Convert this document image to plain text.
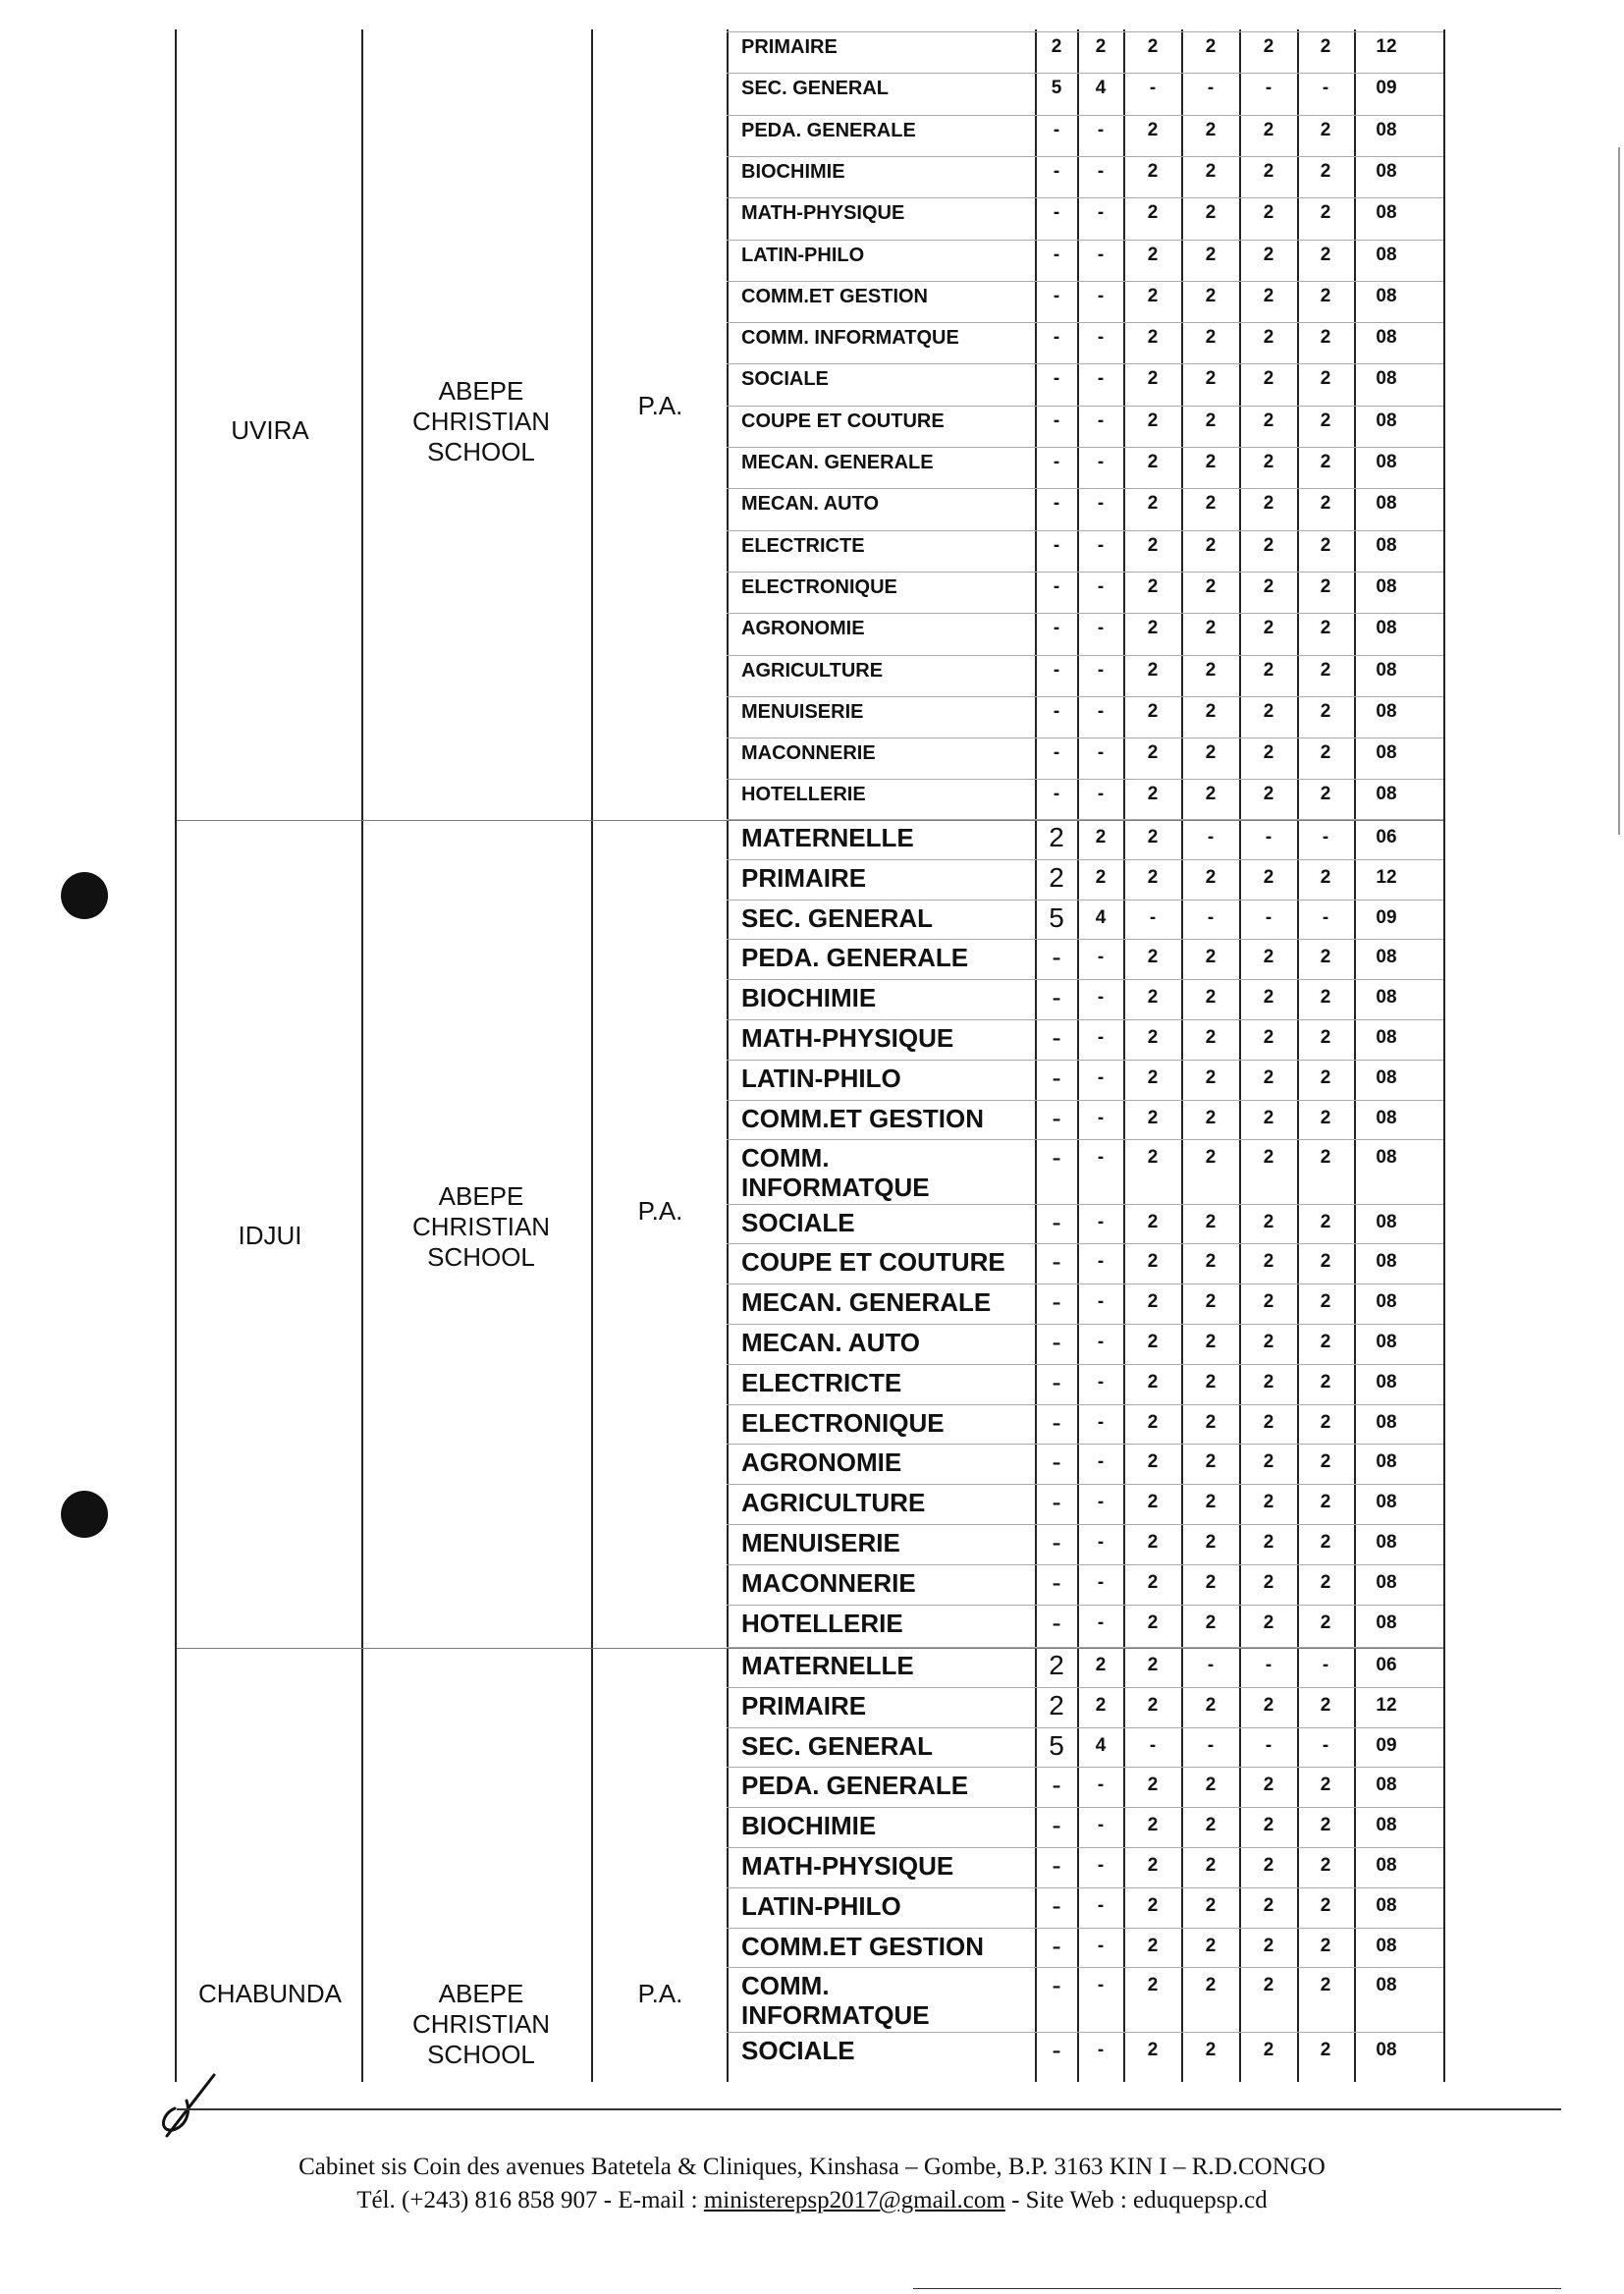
UVIRA
ABEPE
CHRISTIAN
SCHOOL
P.A.
PRIMAIRE	2	2	2	2	2	2	12
SEC. GENERAL	5	4	-	-	-	-	09
PEDA. GENERALE	-	-	2	2	2	2	08
BIOCHIMIE	-	-	2	2	2	2	08
MATH-PHYSIQUE	-	-	2	2	2	2	08
LATIN-PHILO	-	-	2	2	2	2	08
COMM.ET GESTION	-	-	2	2	2	2	08
COMM. INFORMATQUE	-	-	2	2	2	2	08
SOCIALE	-	-	2	2	2	2	08
COUPE ET COUTURE	-	-	2	2	2	2	08
MECAN. GENERALE	-	-	2	2	2	2	08
MECAN. AUTO	-	-	2	2	2	2	08
ELECTRICTE	-	-	2	2	2	2	08
ELECTRONIQUE	-	-	2	2	2	2	08
AGRONOMIE	-	-	2	2	2	2	08
AGRICULTURE	-	-	2	2	2	2	08
MENUISERIE	-	-	2	2	2	2	08
MACONNERIE	-	-	2	2	2	2	08
HOTELLERIE	-	-	2	2	2	2	08
IDJUI
ABEPE
CHRISTIAN
SCHOOL
P.A.
MATERNELLE	2	2	2	-	-	-	06
PRIMAIRE	2	2	2	2	2	2	12
SEC. GENERAL	5	4	-	-	-	-	09
PEDA. GENERALE	-	-	2	2	2	2	08
BIOCHIMIE	-	-	2	2	2	2	08
MATH-PHYSIQUE	-	-	2	2	2	2	08
LATIN-PHILO	-	-	2	2	2	2	08
COMM.ET GESTION	-	-	2	2	2	2	08
COMM.
INFORMATQUE
-	-	2	2	2	2	08
SOCIALE	-	-	2	2	2	2	08
COUPE ET COUTURE	-	-	2	2	2	2	08
MECAN. GENERALE	-	-	2	2	2	2	08
MECAN. AUTO	-	-	2	2	2	2	08
ELECTRICTE	-	-	2	2	2	2	08
ELECTRONIQUE	-	-	2	2	2	2	08
AGRONOMIE	-	-	2	2	2	2	08
AGRICULTURE	-	-	2	2	2	2	08
MENUISERIE	-	-	2	2	2	2	08
MACONNERIE	-	-	2	2	2	2	08
HOTELLERIE	-	-	2	2	2	2	08
CHABUNDA	ABEPE
CHRISTIAN
SCHOOL
P.A.
MATERNELLE	2	2	2	-	-	-	06
PRIMAIRE	2	2	2	2	2	2	12
SEC. GENERAL	5	4	-	-	-	-	09
PEDA. GENERALE	-	-	2	2	2	2	08
BIOCHIMIE	-	-	2	2	2	2	08
MATH-PHYSIQUE	-	-	2	2	2	2	08
LATIN-PHILO	-	-	2	2	2	2	08
COMM.ET GESTION	-	-	2	2	2	2	08
COMM.
INFORMATQUE
-	-	2	2	2	2	08
SOCIALE	-	-	2	2	2	2	08
Cabinet sis Coin des avenues Batetela & Cliniques, Kinshasa – Gombe, B.P. 3163 KIN I – R.D.CONGO
Tél. (+243) 816 858 907 - E-mail : ministerepsp2017@gmail.com - Site Web : eduquepsp.cd
